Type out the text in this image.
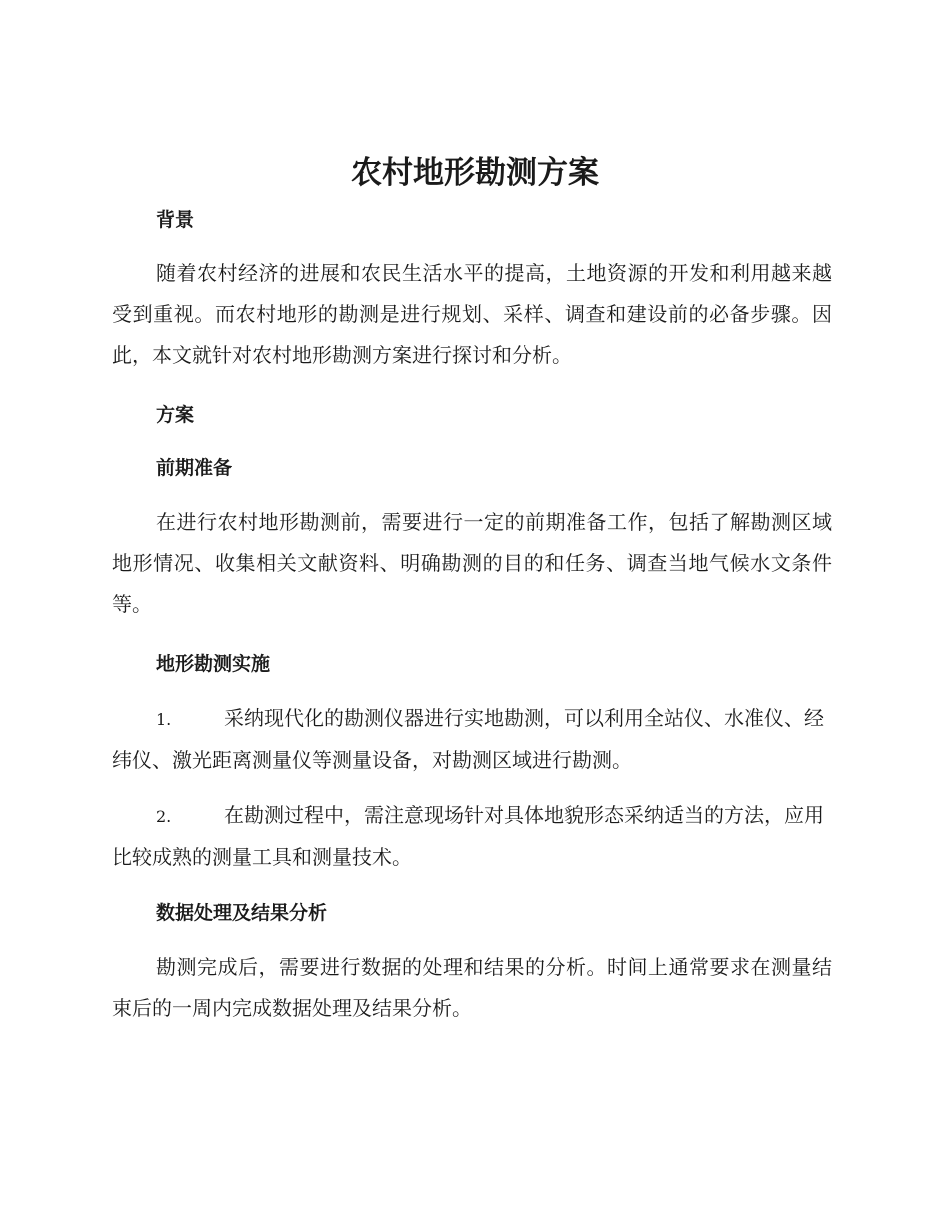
农村地形勘测方案
背景

随着农村经济的进展和农民生活水平的提高，土地资源的开发和利用越来越受到重视。而农村地形的勘测是进行规划、采样、调查和建设前的必备步骤。因此，本文就针对农村地形勘测方案进行探讨和分析。

方案
前期准备

在进行农村地形勘测前，需要进行一定的前期准备工作，包括了解勘测区域地形情况、收集相关文献资料、明确勘测的目的和任务、调查当地气候水文条件等。

地形勘测实施

1.	采纳现代化的勘测仪器进行实地勘测，可以利用全站仪、水准仪、经纬仪、激光距离测量仪等测量设备，对勘测区域进行勘测。

2.	在勘测过程中，需注意现场针对具体地貌形态采纳适当的方法，应用比较成熟的测量工具和测量技术。

数据处理及结果分析

勘测完成后，需要进行数据的处理和结果的分析。时间上通常要求在测量结束后的一周内完成数据处理及结果分析。
